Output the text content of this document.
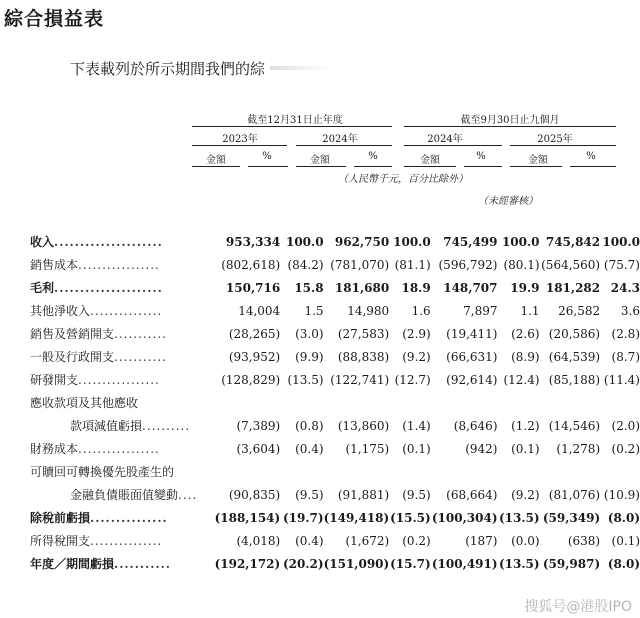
綜合損益表
下表載列於所示期間我們的綜
截至12月31日止年度	截至9月30日止九個月
2023年	2024年	2024年	2025年
金額	%	金額	%	金額	%	金額	%
（人民幣千元，百分比除外）
（未經審核）
收入.....................	953,334	100.0	962,750	100.0	745,499	100.0	745,842	100.0
銷售成本.................	(802,618)	(84.2)	(781,070)	(81.1)	(596,792)	(80.1)	(564,560)	(75.7)
毛利.....................	150,716	15.8	181,680	18.9	148,707	19.9	181,282	24.3
其他淨收入...............	14,004	1.5	14,980	1.6	7,897	1.1	26,582	3.6
銷售及營銷開支...........	(28,265)	(3.0)	(27,583)	(2.9)	(19,411)	(2.6)	(20,586)	(2.8)
一般及行政開支...........	(93,952)	(9.9)	(88,838)	(9.2)	(66,631)	(8.9)	(64,539)	(8.7)
研發開支.................	(128,829)	(13.5)	(122,741)	(12.7)	(92,614)	(12.4)	(85,188)	(11.4)
應收款項及其他應收								
款項減值虧損..........	(7,389)	(0.8)	(13,860)	(1.4)	(8,646)	(1.2)	(14,546)	(2.0)
財務成本.................	(3,604)	(0.4)	(1,175)	(0.1)	(942)	(0.1)	(1,278)	(0.2)
可贖回可轉換優先股產生的								
金融負債賬面值變動....	(90,835)	(9.5)	(91,881)	(9.5)	(68,664)	(9.2)	(81,076)	(10.9)
除稅前虧損...............	(188,154)	(19.7)	(149,418)	(15.5)	(100,304)	(13.5)	(59,349)	(8.0)
所得稅開支...............	(4,018)	(0.4)	(1,672)	(0.2)	(187)	(0.0)	(638)	(0.1)
年度／期間虧損...........	(192,172)	(20.2)	(151,090)	(15.7)	(100,491)	(13.5)	(59,987)	(8.0)
搜狐号@港股IPO
